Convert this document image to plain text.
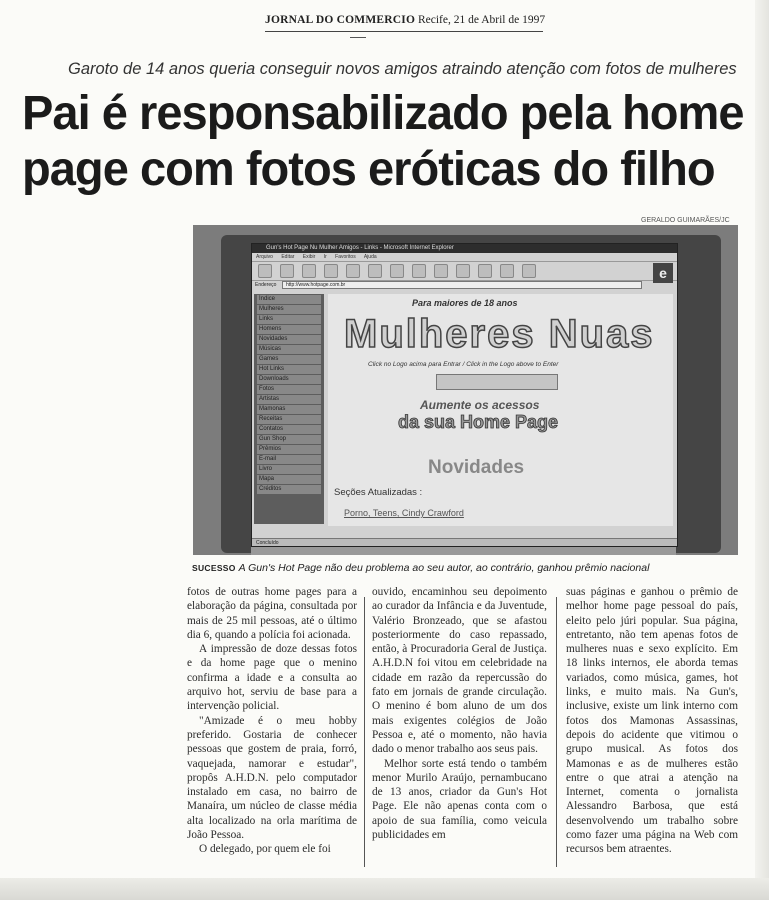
JORNAL DO COMMERCIO Recife, 21 de Abril de 1997
Garoto de 14 anos queria conseguir novos amigos atraindo atenção com fotos de mulheres
Pai é responsabilizado pela home
page com fotos eróticas do filho
GERALDO GUIMARÃES/JC
Gun's Hot Page Nu Mulher Amigos - Links - Microsoft Internet Explorer
Arquivo Editar Exibir Ir Favoritos Ajuda
e
Endereço	http://www.hotpage.com.br
Índice
Mulheres
Links
Homens
Novidades
Músicas
Games
Hot Links
Downloads
Fotos
Artistas
Mamonas
Receitas
Contatos
Gun Shop
Prêmios
E-mail
Livro
Mapa
Créditos
Para maiores de 18 anos
Mulheres Nuas
Click no Logo acima para Entrar / Click in the Logo above to Enter
Aumente os acessos
da sua Home Page
Novidades
Seções Atualizadas :
Porno, Teens, Cindy Crawford
Concluído
SUCESSO A Gun's Hot Page não deu problema ao seu autor, ao contrário, ganhou prêmio nacional

fotos de outras home pages para a elaboração da página, consultada por mais de 25 mil pessoas, até o último dia 6, quando a polícia foi acionada.

A impressão de doze dessas fotos e da home page que o menino confirma a idade e a consulta ao arquivo hot, serviu de base para a intervenção policial.

"Amizade é o meu hobby preferido. Gostaria de conhecer pessoas que gostem de praia, forró, vaquejada, namorar e estudar", propôs A.H.D.N. pelo computador instalado em casa, no bairro de Manaíra, um núcleo de classe média alta localizado na orla marítima de João Pessoa.

O delegado, por quem ele foi

ouvido, encaminhou seu depoimento ao curador da Infância e da Juventude, Valério Bronzeado, que se afastou posteriormente do caso repassado, então, à Procuradoria Geral de Justiça. A.H.D.N foi vitou em celebridade na cidade em razão da repercussão do fato em jornais de grande circulação. O menino é bom aluno de um dos mais exigentes colégios de João Pessoa e, até o momento, não havia dado o menor trabalho aos seus pais.

Melhor sorte está tendo o também menor Murilo Araújo, pernambucano de 13 anos, criador da Gun's Hot Page. Ele não apenas conta com o apoio de sua família, como veicula publicidades em

suas páginas e ganhou o prêmio de melhor home page pessoal do país, eleito pelo júri popular. Sua página, entretanto, não tem apenas fotos de mulheres nuas e sexo explícito. Em 18 links internos, ele aborda temas variados, como música, games, hot links, e muito mais. Na Gun's, inclusive, existe um link interno com fotos dos Mamonas Assassinas, depois do acidente que vitimou o grupo musical. As fotos dos Mamonas e as de mulheres estão entre o que atrai a atenção na Internet, comenta o jornalista Alessandro Barbosa, que está desenvolvendo um trabalho sobre como fazer uma página na Web com recursos bem atraentes.
